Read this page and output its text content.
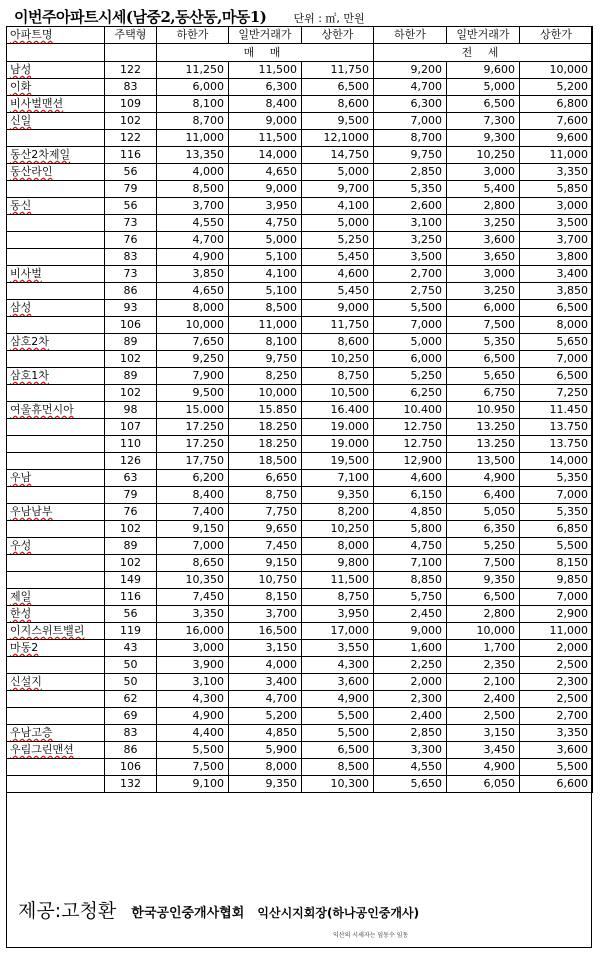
이번주아파트시세(남중2,동산동,마동1) 단위 : ㎡, 만원
아파트명	주택형	하한가	일반거래가	상한가	하한가	일반거래가	상한가
		매 매			전 세		
남성	122	11,250	11,500	11,750	9,200	9,600	10,000
이화	83	6,000	6,300	6,500	4,700	5,000	5,200
비사벌맨션	109	8,100	8,400	8,600	6,300	6,500	6,800
신일	102	8,700	9,000	9,500	7,000	7,300	7,600
	122	11,000	11,500	12,1000	8,700	9,300	9,600
동산2차제일	116	13,350	14,000	14,750	9,750	10,250	11,000
동산라인	56	4,000	4,650	5,000	2,850	3,000	3,350
	79	8,500	9,000	9,700	5,350	5,400	5,850
동신	56	3,700	3,950	4,100	2,600	2,800	3,000
	73	4,550	4,750	5,000	3,100	3,250	3,500
	76	4,700	5,000	5,250	3,250	3,600	3,700
	83	4,900	5,100	5,450	3,500	3,650	3,800
비사벌	73	3,850	4,100	4,600	2,700	3,000	3,400
	86	4,650	5,100	5,450	2,750	3,250	3,850
삼성	93	8,000	8,500	9,000	5,500	6,000	6,500
	106	10,000	11,000	11,750	7,000	7,500	8,000
삼호2차	89	7,650	8,100	8,600	5,000	5,350	5,650
	102	9,250	9,750	10,250	6,000	6,500	7,000
삼호1차	89	7,900	8,250	8,750	5,250	5,650	6,500
	102	9,500	10,000	10,500	6,250	6,750	7,250
여울휴먼시아	98	15.000	15.850	16.400	10.400	10.950	11.450
	107	17.250	18.250	19.000	12.750	13.250	13.750
	110	17.250	18.250	19.000	12.750	13.250	13.750
	126	17,750	18,500	19,500	12,900	13,500	14,000
우남	63	6,200	6,650	7,100	4,600	4,900	5,350
	79	8,400	8,750	9,350	6,150	6,400	7,000
우남남부	76	7,400	7,750	8,200	4,850	5,050	5,350
	102	9,150	9,650	10,250	5,800	6,350	6,850
우성	89	7,000	7,450	8,000	4,750	5,250	5,500
	102	8,650	9,150	9,800	7,100	7,500	8,150
	149	10,350	10,750	11,500	8,850	9,350	9,850
제일	116	7,450	8,150	8,750	5,750	6,500	7,000
한성	56	3,350	3,700	3,950	2,450	2,800	2,900
이지스위트밸리	119	16,000	16,500	17,000	9,000	10,000	11,000
마동2	43	3,000	3,150	3,550	1,600	1,700	2,000
	50	3,900	4,000	4,300	2,250	2,350	2,500
신설지	50	3,100	3,400	3,600	2,000	2,100	2,300
	62	4,300	4,700	4,900	2,300	2,400	2,500
	69	4,900	5,200	5,500	2,400	2,500	2,700
우남고층	83	4,400	4,850	5,500	2,850	3,150	3,350
우림그린맨션	86	5,500	5,900	6,500	3,300	3,450	3,600
	106	7,500	8,000	8,500	4,550	4,900	5,500
	132	9,100	9,350	10,300	5,650	6,050	6,600
제공:고청환 한국공인중개사협회 익산시지회장(하나공인중개사)
익산의 시세자는 임동수 임동
